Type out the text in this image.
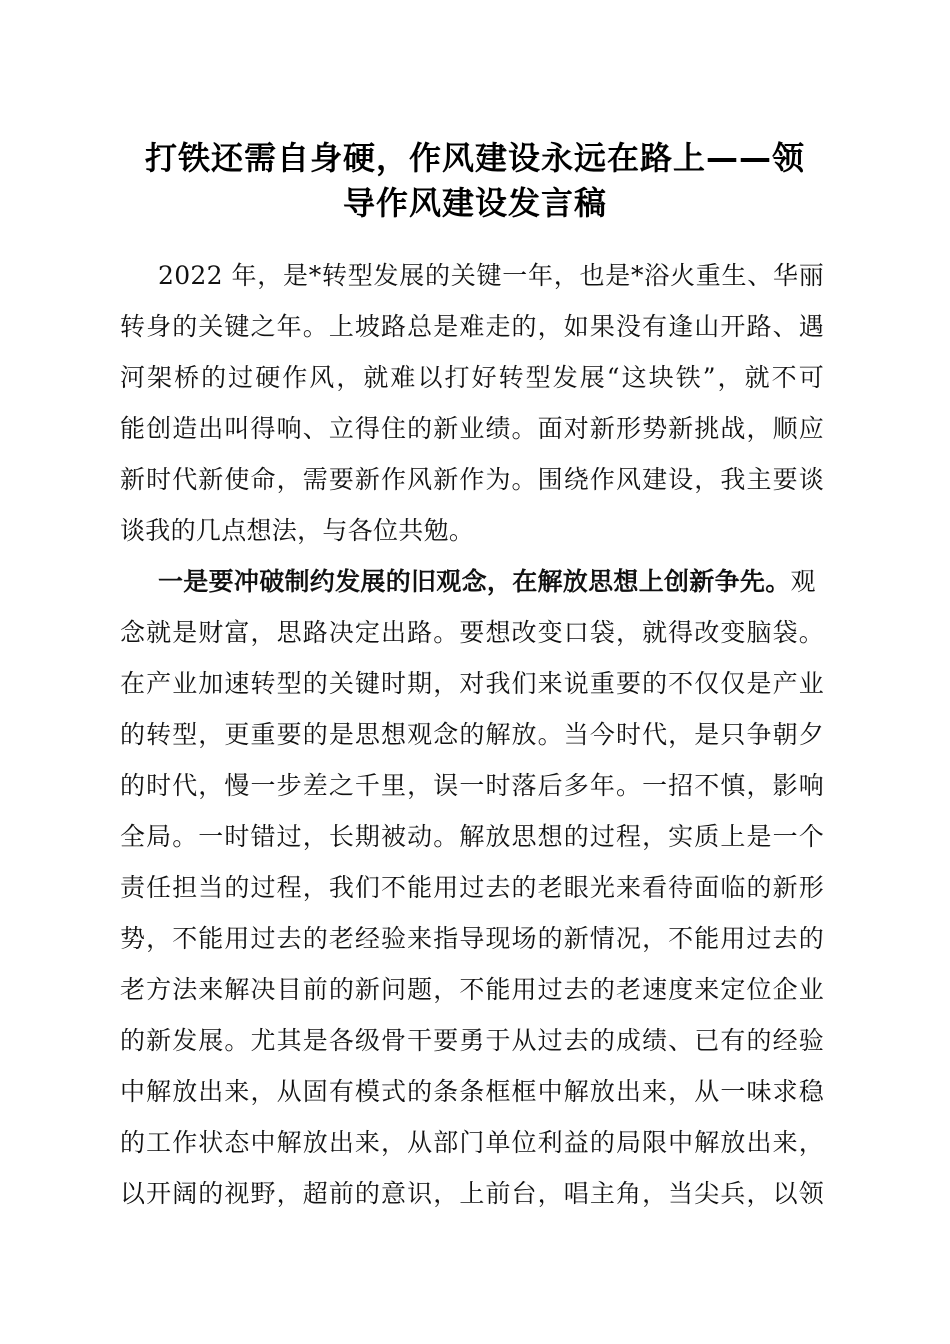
打铁还需自身硬，作风建设永远在路上——领
导作风建设发言稿
2022 年，是*转型发展的关键一年，也是*浴火重生、华丽
转身的关键之年。上坡路总是难走的，如果没有逢山开路、遇
河架桥的过硬作风，就难以打好转型发展“这块铁”，就不可
能创造出叫得响、立得住的新业绩。面对新形势新挑战，顺应
新时代新使命，需要新作风新作为。围绕作风建设，我主要谈
谈我的几点想法，与各位共勉。
一是要冲破制约发展的旧观念，在解放思想上创新争先。观
念就是财富，思路决定出路。要想改变口袋，就得改变脑袋。
在产业加速转型的关键时期，对我们来说重要的不仅仅是产业
的转型，更重要的是思想观念的解放。当今时代，是只争朝夕
的时代，慢一步差之千里，误一时落后多年。一招不慎，影响
全局。一时错过，长期被动。解放思想的过程，实质上是一个
责任担当的过程，我们不能用过去的老眼光来看待面临的新形
势，不能用过去的老经验来指导现场的新情况，不能用过去的
老方法来解决目前的新问题，不能用过去的老速度来定位企业
的新发展。尤其是各级骨干要勇于从过去的成绩、已有的经验
中解放出来，从固有模式的条条框框中解放出来，从一味求稳
的工作状态中解放出来，从部门单位利益的局限中解放出来，
以开阔的视野，超前的意识，上前台，唱主角，当尖兵，以领
